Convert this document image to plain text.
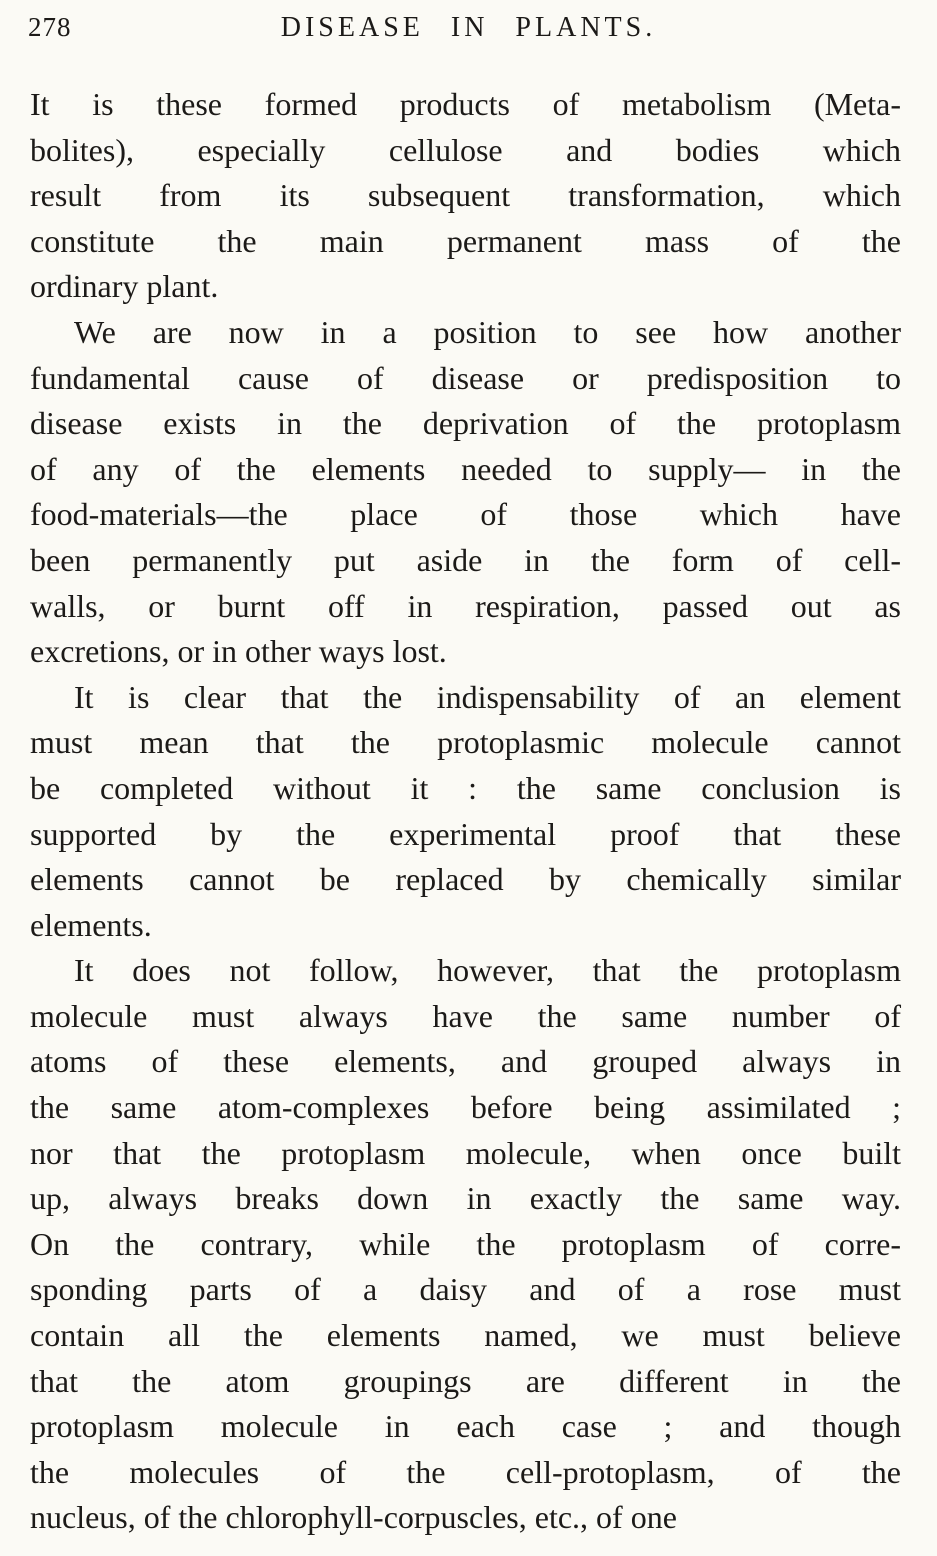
278	DISEASE IN PLANTS.
It is these formed products of metabolism (Meta-
bolites), especially cellulose and bodies which
result from its subsequent transformation, which
constitute the main permanent mass of the
ordinary plant.
We are now in a position to see how another
fundamental cause of disease or predisposition to
disease exists in the deprivation of the protoplasm
of any of the elements needed to supply— in the
food-materials—the place of those which have
been permanently put aside in the form of cell-
walls, or burnt off in respiration, passed out as
excretions, or in other ways lost.
It is clear that the indispensability of an element
must mean that the protoplasmic molecule cannot
be completed without it : the same conclusion is
supported by the experimental proof that these
elements cannot be replaced by chemically similar
elements.
It does not follow, however, that the protoplasm
molecule must always have the same number of
atoms of these elements, and grouped always in
the same atom-complexes before being assimilated ;
nor that the protoplasm molecule, when once built
up, always breaks down in exactly the same way.
On the contrary, while the protoplasm of corre-
sponding parts of a daisy and of a rose must
contain all the elements named, we must believe
that the atom groupings are different in the
protoplasm molecule in each case ; and though
the molecules of the cell-protoplasm, of the
nucleus, of the chlorophyll-corpuscles, etc., of one
